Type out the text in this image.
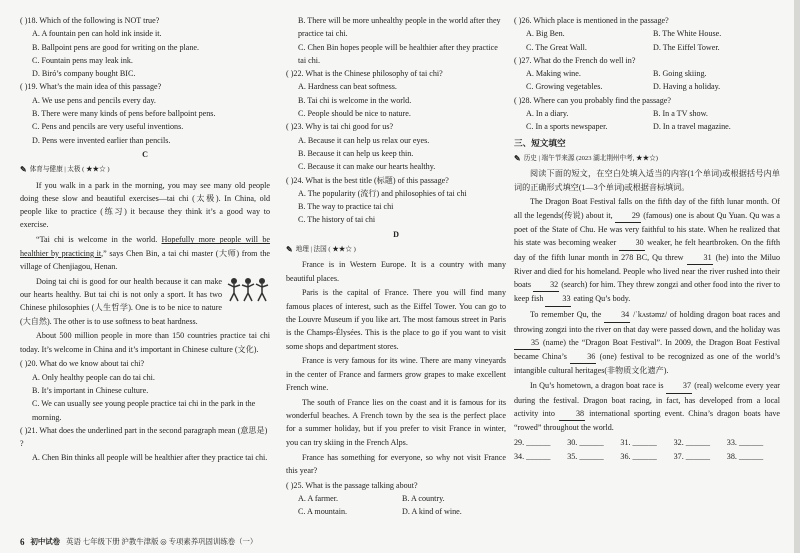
( )18. Which of the following is NOT true?

A. A fountain pen can hold ink inside it.

B. Ballpoint pens are good for writing on the plane.

C. Fountain pens may leak ink.

D. Biró’s company bought BIC.

( )19. What’s the main idea of this passage?

A. We use pens and pencils every day.

B. There were many kinds of pens before ballpoint pens.

C. Pens and pencils are very useful inventions.

D. Pens were invented earlier than pencils.

C
✎ 体育与健康 | 太极 ( ★★☆ )

If you walk in a park in the morning, you may see many old people doing these slow and beautiful exercises—tai chi (太极). In China, old people like to practice (练习) it because they think it’s a good way to exercise.

“Tai chi is welcome in the world. Hopefully more people will be healthier by practicing it,” says Chen Bin, a tai chi master (大师) from the village of Chenjiagou, Henan.

Doing tai chi is good for our health because it can make our hearts healthy. But tai chi is not only a sport. It has two Chinese philosophies (人生哲学). One is to be nice to nature (大自然). The other is to use softness to beat hardness.

About 500 million people in more than 150 countries practice tai chi today. It’s welcome in China and it’s important in Chinese culture (文化).

( )20. What do we know about tai chi?

A. Only healthy people can do tai chi.

B. It’s important in Chinese culture.

C. We can usually see young people practice tai chi in the park in the morning.

( )21. What does the underlined part in the second paragraph mean (意思是) ?

A. Chen Bin thinks all people will be healthier after they practice tai chi.

B. There will be more unhealthy people in the world after they practice tai chi.

C. Chen Bin hopes people will be healthier after they practice tai chi.

( )22. What is the Chinese philosophy of tai chi?

A. Hardness can beat softness.

B. Tai chi is welcome in the world.

C. People should be nice to nature.

( )23. Why is tai chi good for us?

A. Because it can help us relax our eyes.

B. Because it can help us keep thin.

C. Because it can make our hearts healthy.

( )24. What is the best title (标题) of this passage?

A. The popularity (流行) and philosophies of tai chi

B. The way to practice tai chi

C. The history of tai chi

D
✎ 地理 | 法国 ( ★★☆ )

France is in Western Europe. It is a country with many beautiful places.

Paris is the capital of France. There you will find many famous places of interest, such as the Eiffel Tower. You can go to the Louvre Museum if you like art. The most famous street in Paris is the Champs-Élysées. This is the place to go if you want to visit some shops and department stores.

France is very famous for its wine. There are many vineyards in the center of France and farmers grow grapes to make excellent French wine.

The south of France lies on the coast and it is famous for its wonderful beaches. A French town by the sea is the perfect place for a summer holiday, but if you prefer to visit France in winter, you can try skiing in the French Alps.

France has something for everyone, so why not visit France this year?

( )25. What is the passage talking about?

A. A farmer.	B. A country.
C. A mountain.	D. A kind of wine.

( )26. Which place is mentioned in the passage?

A. Big Ben.	B. The White House.
C. The Great Wall.	D. The Eiffel Tower.

( )27. What do the French do well in?

A. Making wine.	B. Going skiing.
C. Growing vegetables.	D. Having a holiday.

( )28. Where can you probably find the passage?

A. In a diary.	B. In a TV show.
C. In a sports newspaper.	D. In a travel magazine.
三、短文填空
✎ 历史 | 端午节来源 (2023 湖北荆州中考, ★★☆)

阅读下面的短文，在空白处填入适当的内容(1个单词)或根据括号内单词的正确形式填空(1—3个单词)或根据音标填词。

The Dragon Boat Festival falls on the fifth day of the fifth lunar month. Of all the legends(传说) about it, 29 (famous) one is about Qu Yuan. Qu was a poet of the State of Chu. He was very faithful to his state. When he realized that his state was becoming weaker 30 weaker, he felt heartbroken. On the fifth day of the fifth lunar month in 278 BC, Qu threw 31 (he) into the Miluo River and died for his homeland. People who lived near the river rushed into their boats 32 (search) for him. They threw zongzi and other food into the river to keep fish 33 eating Qu’s body.

To remember Qu, the 34 /ˈkʌstəmz/ of holding dragon boat races and throwing zongzi into the river on that day were passed down, and the holiday was 35 (name) the “Dragon Boat Festival”. In 2009, the Dragon Boat Festival became China’s 36 (one) festival to be recognized as one of the world’s intangible cultural heritages(非物质文化遗产).

In Qu’s hometown, a dragon boat race is 37 (real) welcome every year during the festival. Dragon boat racing, in fact, has developed from a local activity into 38 international sporting event. China’s dragon boats have “rowed” throughout the world.

29. ______	30. ______	31. ______	32. ______	33. ______
34. ______	35. ______	36. ______	37. ______	38. ______
6 初中试卷 英语 七年级下册 沪教牛津版 ◎ 专项素养巩固训练卷（一）
